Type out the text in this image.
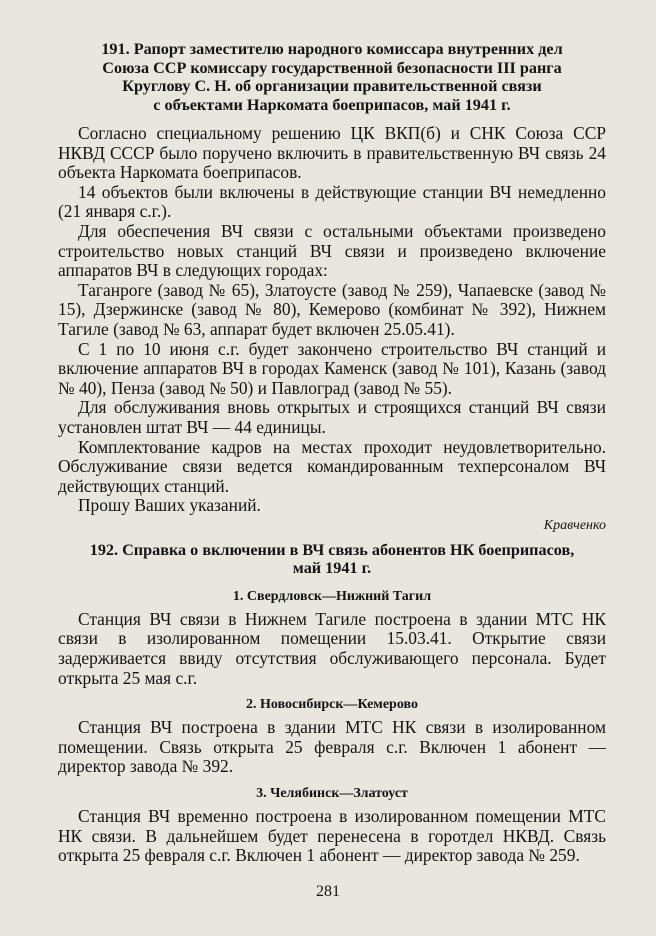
191. Рапорт заместителю народного комиссара внутренних дел
Союза ССР комиссару государственной безопасности III ранга
Круглову С. Н. об организации правительственной связи
с объектами Наркомата боеприпасов, май 1941 г.

Согласно специальному решению ЦК ВКП(б) и СНК Союза ССР НКВД СССР было поручено включить в правительственную ВЧ связь 24 объекта Наркомата боеприпасов.

14 объектов были включены в действующие станции ВЧ немедленно (21 января с.г.).

Для обеспечения ВЧ связи с остальными объектами произведено строительство новых станций ВЧ связи и произведено включение аппаратов ВЧ в следующих городах:

Таганроге (завод № 65), Златоусте (завод № 259), Чапаевске (завод № 15), Дзержинске (завод № 80), Кемерово (комбинат № 392), Нижнем Тагиле (завод № 63, аппарат будет включен 25.05.41).

С 1 по 10 июня с.г. будет закончено строительство ВЧ станций и включение аппаратов ВЧ в городах Каменск (завод № 101), Казань (завод № 40), Пенза (завод № 50) и Павлоград (завод № 55).

Для обслуживания вновь открытых и строящихся станций ВЧ связи установлен штат ВЧ — 44 единицы.

Комплектование кадров на местах проходит неудовлетворительно. Обслуживание связи ведется командированным техперсоналом ВЧ действующих станций.

Прошу Ваших указаний.

Кравченко
192. Справка о включении в ВЧ связь абонентов НК боеприпасов,
май 1941 г.
1. Свердловск—Нижний Тагил

Станция ВЧ связи в Нижнем Тагиле построена в здании МТС НК связи в изолированном помещении 15.03.41. Открытие связи задерживается ввиду отсутствия обслуживающего персонала. Будет открыта 25 мая с.г.

2. Новосибирск—Кемерово

Станция ВЧ построена в здании МТС НК связи в изолированном помещении. Связь открыта 25 февраля с.г. Включен 1 абонент — директор завода № 392.

3. Челябинск—Златоуст

Станция ВЧ временно построена в изолированном помещении МТС НК связи. В дальнейшем будет перенесена в горотдел НКВД. Связь открыта 25 февраля с.г. Включен 1 абонент — директор завода № 259.

281
